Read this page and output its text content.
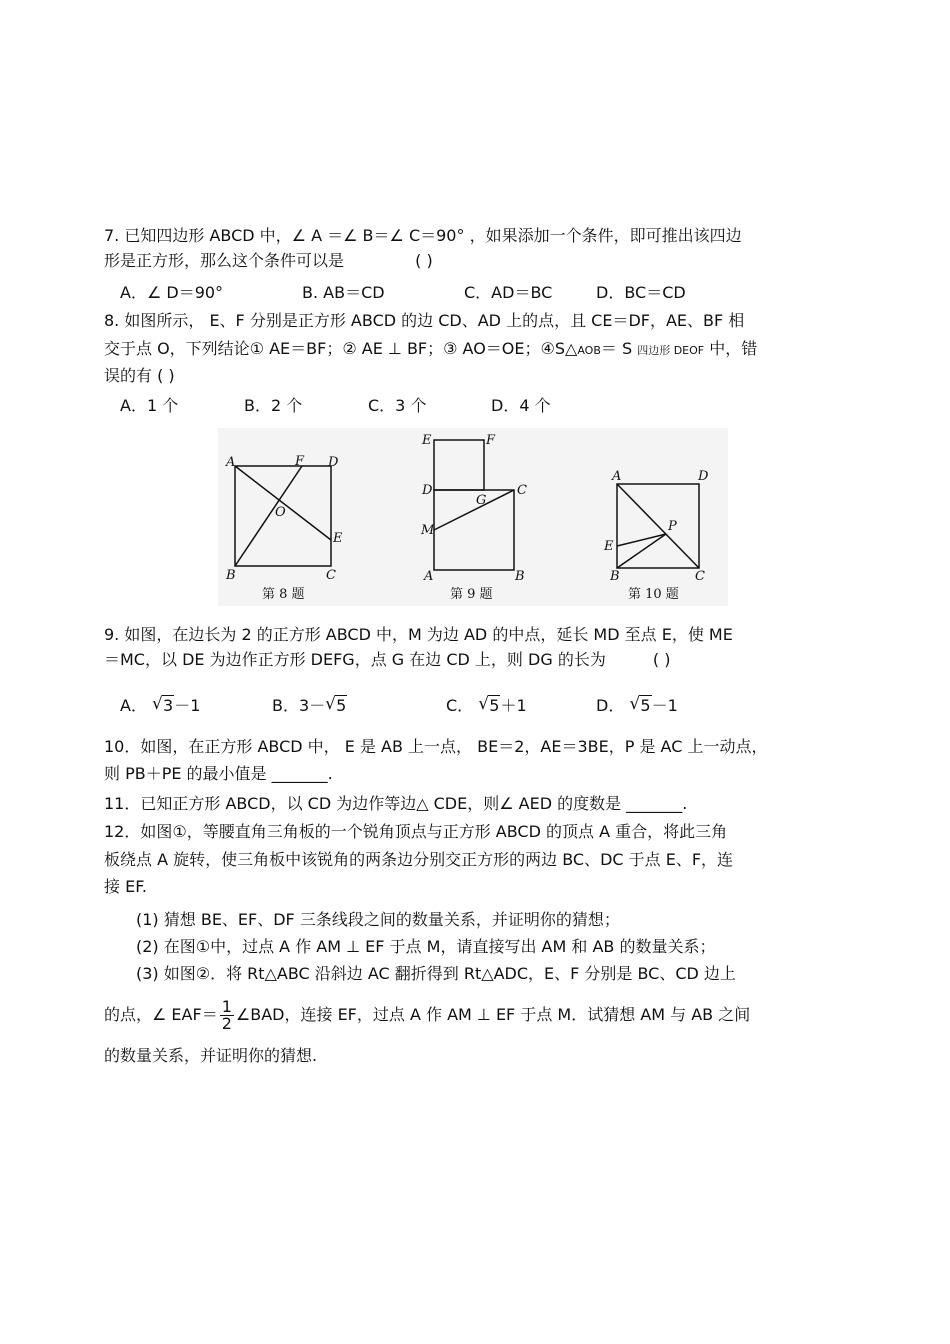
7. 已知四边形 ABCD 中，∠ A ＝∠ B＝∠ C＝90° ，如果添加一个条件，即可推出该四边
形是正方形，那么这个条件可以是	( )
A．∠ D＝90°	B. AB＝CD	C．AD＝BC	D．BC＝CD
8. 如图所示， E、F 分别是正方形 ABCD 的边 CD、AD 上的点，且 CE＝DF，AE、BF 相
交于点 O，下列结论① AE＝BF；② AE ⊥ BF；③ AO＝OE；④S△AOB＝ S 四边形 DEOF 中，错
误的有 ( )
A．1 个	B．2 个	C．3 个	D．4 个
A	F D
O
E
B	C
第 8 题
E	F
D
G
C
M
A	B
第 9 题
A	D
P
E
B	C
第 10 题
9. 如图，在边长为 2 的正方形 ABCD 中，M 为边 AD 的中点，延长 MD 至点 E，使 ME
＝MC，以 DE 为边作正方形 DEFG，点 G 在边 CD 上，则 DG 的长为	( )
A． √ 3－1	B．3－ √ 5	C． √ 5＋1	D． √ 5－1
10．如图，在正方形 ABCD 中， E 是 AB 上一点， BE＝2，AE＝3BE，P 是 AC 上一动点，
则 PB＋PE 的最小值是 _______.
11．已知正方形 ABCD，以 CD 为边作等边△ CDE，则∠ AED 的度数是 _______.
12．如图①，等腰直角三角板的一个锐角顶点与正方形 ABCD 的顶点 A 重合，将此三角
板绕点 A 旋转，使三角板中该锐角的两条边分别交正方形的两边 BC、DC 于点 E、F，连
接 EF.
(1) 猜想 BE、EF、DF 三条线段之间的数量关系，并证明你的猜想；
(2) 在图①中，过点 A 作 AM ⊥ EF 于点 M，请直接写出 AM 和 AB 的数量关系；
(3) 如图②．将 Rt△ABC 沿斜边 AC 翻折得到 Rt△ADC，E、F 分别是 BC、CD 边上
的点，∠ $EAF= \frac{1}{2}$ ∠BAD，连接 EF，过点 A 作 AM ⊥ EF 于点 M．试猜想 AM 与 AB 之间
的数量关系，并证明你的猜想.
